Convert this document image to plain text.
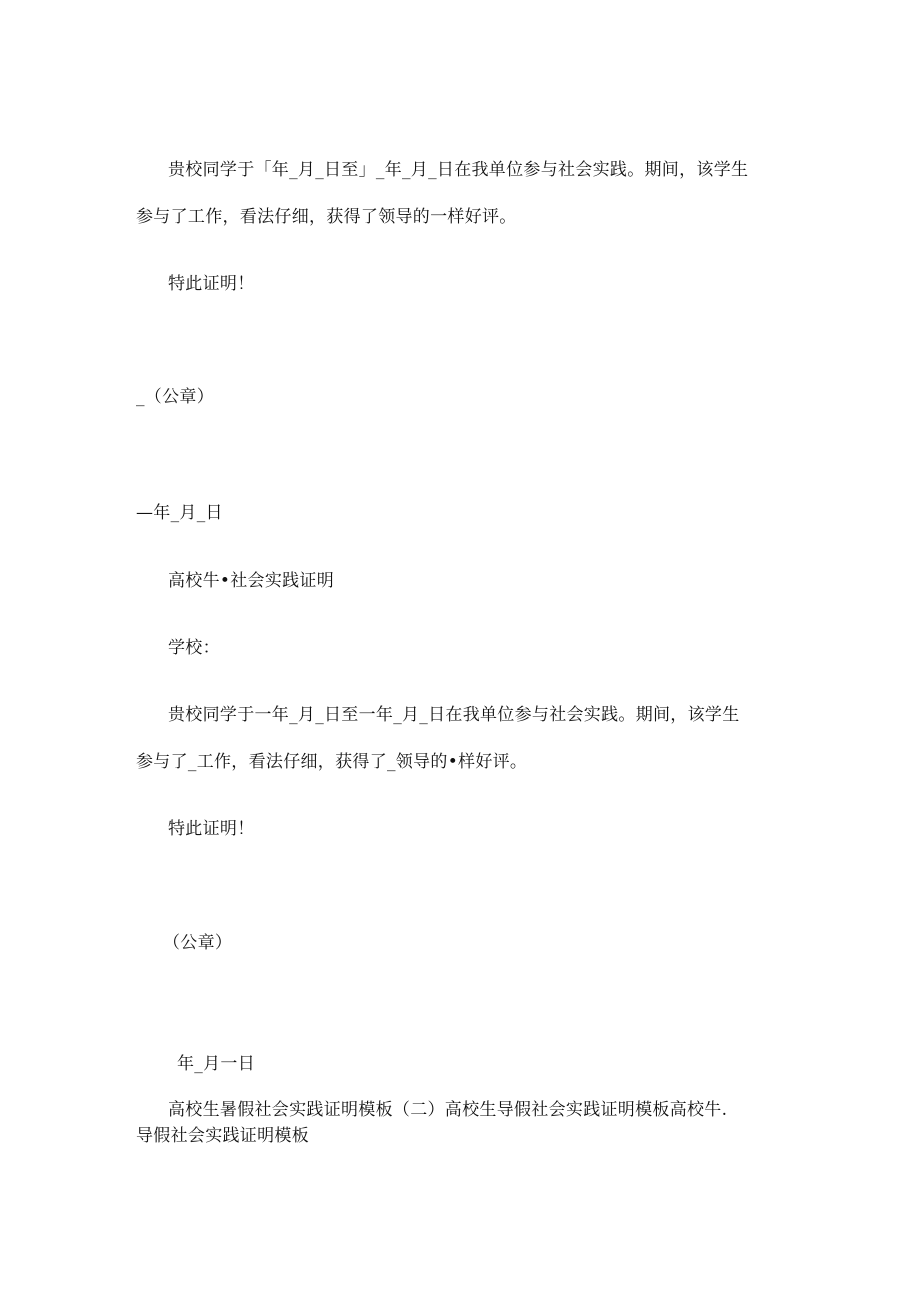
贵校同学于「年_月_日至」_年_月_日在我单位参与社会实践。期间，该学生
参与了工作，看法仔细，获得了领导的一样好评。
特此证明！
_（公章）
—年_月_日
高校牛•社会实践证明
学校：
贵校同学于一年_月_日至一年_月_日在我单位参与社会实践。期间，该学生
参与了_工作，看法仔细，获得了_领导的•样好评。
特此证明！
（公章）
年_月一日
高校生暑假社会实践证明模板（二）高校生导假社会实践证明模板高校牛.
导假社会实践证明模板
